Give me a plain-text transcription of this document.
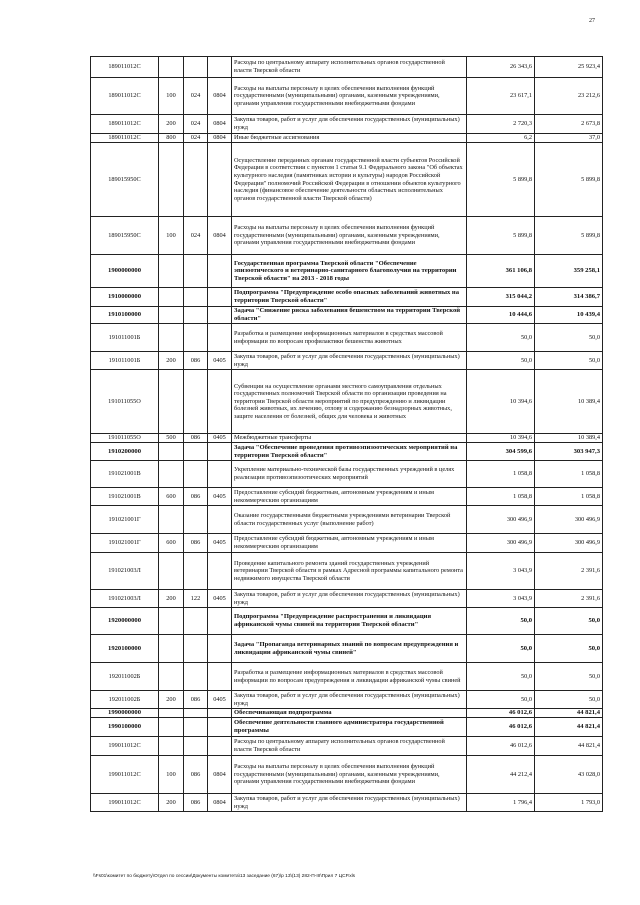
27
189011012С				Расходы по центральному аппарату исполнительных органов государственной власти Тверской области	26 343,6	25 923,4
189011012С	100	024	0804	Расходы на выплаты персоналу в целях обеспечения выполнения функций государственными (муниципальными) органами, казенными учреждениями, органами управления государственными внебюджетными фондами	23 617,1	23 212,6
189011012С	200	024	0804	Закупка товаров, работ и услуг для обеспечения государственных (муниципальных) нужд	2 720,3	2 673,8
189011012С	800	024	0804	Иные бюджетные ассигнования	6,2	37,0
189015950С				Осуществление переданных органам государственной власти субъектов Российской Федерации в соответствии с пунктом 1 статьи 9.1 Федерального закона "Об объектах культурного наследия (памятниках истории и культуры) народов Российской Федерации" полномочий Российской Федерации в отношении объектов культурного наследия (финансовое обеспечение деятельности областных исполнительных органов государственной власти Тверской области)	5 899,8	5 899,8
189015950С	100	024	0804	Расходы на выплаты персоналу в целях обеспечения выполнения функций государственными (муниципальными) органами, казенными учреждениями, органами управления государственными внебюджетными фондами	5 899,8	5 899,8
1900000000				Государственная программа Тверской области "Обеспечение эпизоотического и ветеринарно-санитарного благополучия на территории Тверской области" на 2013 - 2018 годы	361 106,8	359 258,1
1910000000				Подпрограмма "Предупреждение особо опасных заболеваний животных на территории Тверской области"	315 044,2	314 386,7
1910100000				Задача "Снижение риска заболевания бешенством на территории Тверской области"	10 444,6	10 439,4
191011001Б				Разработка и размещение информационных материалов в средствах массовой информации по вопросам профилактики бешенства животных	50,0	50,0
191011001Б	200	086	0405	Закупка товаров, работ и услуг для обеспечения государственных (муниципальных) нужд	50,0	50,0
191011055О				Субвенции на осуществление органами местного самоуправления отдельных государственных полномочий Тверской области по организации проведения на территории Тверской области мероприятий по предупреждению и ликвидации болезней животных, их лечению, отлову и содержанию безнадзорных животных, защите населения от болезней, общих для человека и животных	10 394,6	10 389,4
191011055О	500	086	0405	Межбюджетные трансферты	10 394,6	10 389,4
1910200000				Задача "Обеспечение проведения противоэпизоотических мероприятий на территории Тверской области"	304 599,6	303 947,3
191021001В				Укрепление материально-технической базы государственных учреждений в целях реализации противоэпизоотических мероприятий	1 058,8	1 058,8
191021001В	600	086	0405	Предоставление субсидий бюджетным, автономным учреждениям и иным некоммерческим организациям	1 058,8	1 058,8
191021001Г				Оказание государственными бюджетными учреждениями ветеринарии Тверской области государственных услуг (выполнение работ)	300 496,9	300 496,9
191021001Г	600	086	0405	Предоставление субсидий бюджетным, автономным учреждениям и иным некоммерческим организациям	300 496,9	300 496,9
191021003Л				Проведение капитального ремонта зданий государственных учреждений ветеринарии Тверской области в рамках Адресной программы капитального ремонта недвижимого имущества Тверской области	3 043,9	2 391,6
191021003Л	200	122	0405	Закупка товаров, работ и услуг для обеспечения государственных (муниципальных) нужд	3 043,9	2 391,6
1920000000				Подпрограмма "Предупреждение распространения и ликвидация африканской чумы свиней на территории Тверской области"	50,0	50,0
1920100000				Задача "Пропаганда ветеринарных знаний по вопросам предупреждения и ликвидации африканской чумы свиней"	50,0	50,0
192011002Б				Разработка и размещение информационных материалов в средствах массовой информации по вопросам предупреждения и ликвидации африканской чумы свиней	50,0	50,0
192011002Б	200	086	0405	Закупка товаров, работ и услуг для обеспечения государственных (муниципальных) нужд	50,0	50,0
1990000000				Обеспечивающая подпрограмма	46 012,6	44 821,4
1990100000				Обеспечение деятельности главного администратора государственной программы	46 012,6	44 821,4
199011012С				Расходы по центральному аппарату исполнительных органов государственной власти Тверской области	46 012,6	44 821,4
199011012С	100	086	0804	Расходы на выплаты персоналу в целях обеспечения выполнения функций государственными (муниципальными) органами, казенными учреждениями, органами управления государственными внебюджетными фондами	44 212,4	43 028,0
199011012С	200	086	0804	Закупка товаров, работ и услуг для обеспечения государственных (муниципальных) нужд	1 796,4	1 793,0
\\Fs01\комитет по бюджету\Отдел по сессии\Документы комитета\13 заседание (67)\р 13\(13) 282-П-III\Прил 7 ЦСР.xls
